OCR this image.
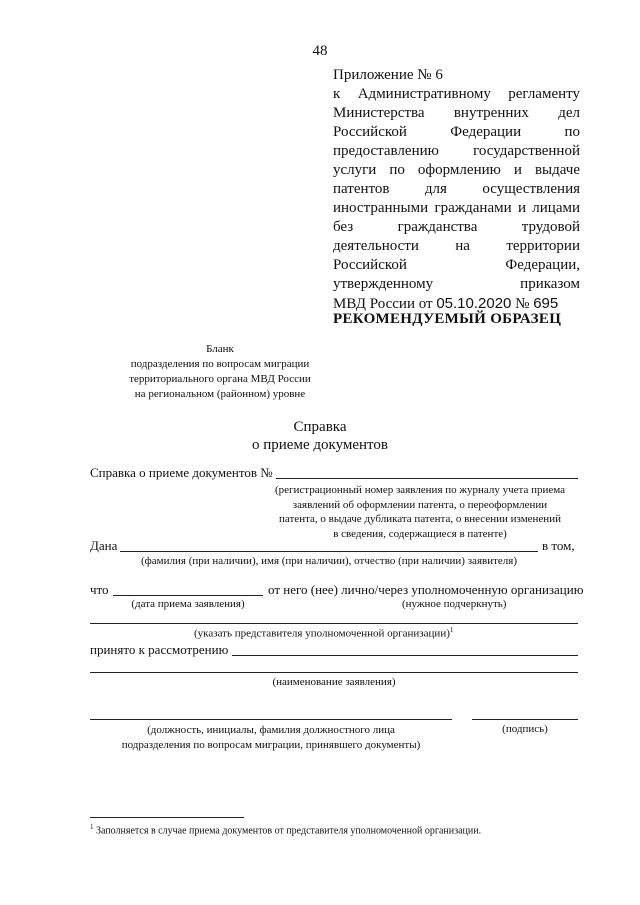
48
Приложение № 6
к Административному регламенту
Министерства внутренних дел
Российской Федерации по
предоставлению государственной
услуги по оформлению и выдаче
патентов для осуществления
иностранными гражданами и лицами
без гражданства трудовой
деятельности на территории
Российской Федерации,
утвержденному приказом
МВД России от 05.10.2020 № 695
РЕКОМЕНДУЕМЫЙ ОБРАЗЕЦ
Бланк
подразделения по вопросам миграции
территориального органа МВД России
на региональном (районном) уровне
Справка
о приеме документов
Справка о приеме документов №
(регистрационный номер заявления по журналу учета приема
заявлений об оформлении патента, о переоформлении
патента, о выдаче дубликата патента, о внесении изменений
в сведения, содержащиеся в патенте)
Дана	в том,
(фамилия (при наличии), имя (при наличии), отчество (при наличии) заявителя)
что	от него (нее) лично/через уполномоченную организацию
(дата приема заявления)	(нужное подчеркнуть)
(указать представителя уполномоченной организации)$^1$
принято к рассмотрению
(наименование заявления)
(должность, инициалы, фамилия должностного лица
подразделения по вопросам миграции, принявшего документы)
(подпись)
$^1$ Заполняется в случае приема документов от представителя уполномоченной организации.
